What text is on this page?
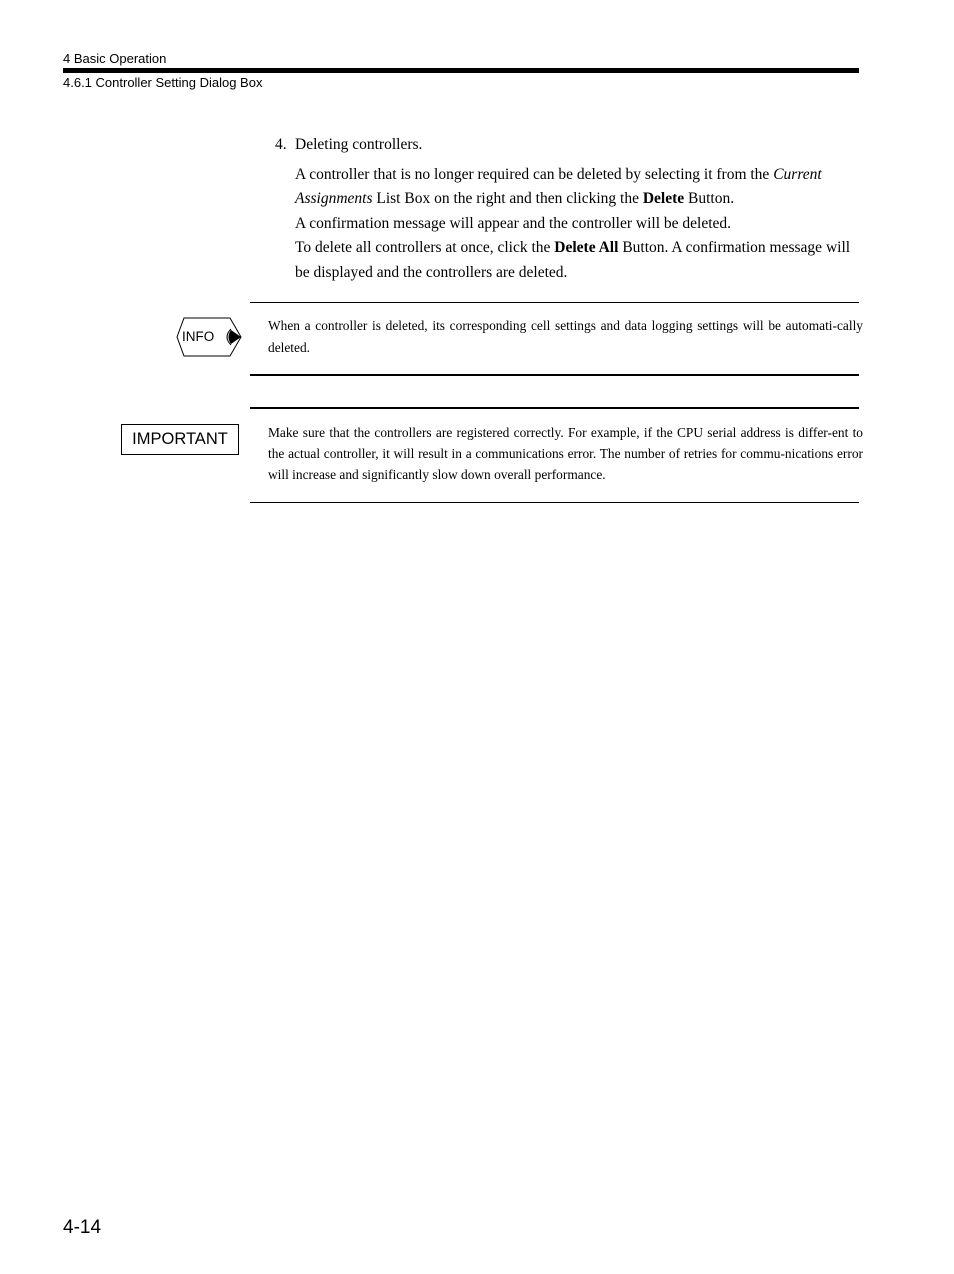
4 Basic Operation
4.6.1 Controller Setting Dialog Box
4. Deleting controllers.

A controller that is no longer required can be deleted by selecting it from the Current Assignments List Box on the right and then clicking the Delete Button.

A confirmation message will appear and the controller will be deleted.

To delete all controllers at once, click the Delete All Button. A confirmation message will be displayed and the controllers are deleted.

INFO

When a controller is deleted, its corresponding cell settings and data logging settings will be automati-cally deleted.

IMPORTANT	Make sure that the controllers are registered correctly. For example, if the CPU serial address is differ-ent to the actual controller, it will result in a communications error. The number of retries for commu-nications error will increase and significantly slow down overall performance.

4-14
